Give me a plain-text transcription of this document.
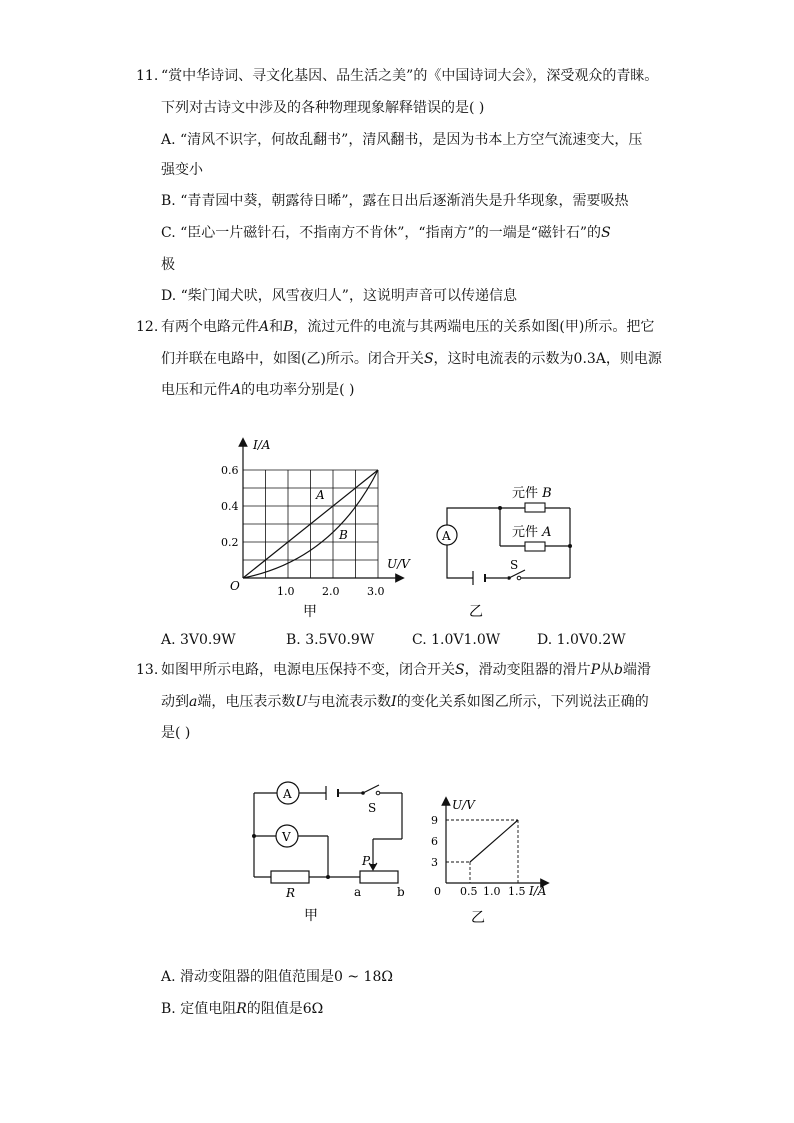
11. “赏中华诗词、寻文化基因、品生活之美”的《中国诗词大会》，深受观众的青睐。
下列对古诗文中涉及的各种物理现象解释错误的是( )
A. “清风不识字，何故乱翻书”，清风翻书，是因为书本上方空气流速变大，压
强变小
B. “青青园中葵，朝露待日晞”，露在日出后逐渐消失是升华现象，需要吸热
C. “臣心一片磁针石，不指南方不肯休”，“指南方”的一端是“磁针石”的S
极
D. “柴门闻犬吠，风雪夜归人”，这说明声音可以传递信息
12. 有两个电路元件A和B，流过元件的电流与其两端电压的关系如图(甲)所示。把它
们并联在电路中，如图(乙)所示。闭合开关S，这时电流表的示数为0.3A，则电源
电压和元件A的电功率分别是( )
I/A
U/V
O
0.2
0.4
0.6
1.0	2.0	3.0
A
B
甲
A
S
元件 B
元件 A
乙
A. 3V0.9W	B. 3.5V0.9W	C. 1.0V1.0W	D. 1.0V0.2W
13. 如图甲所示电路，电源电压保持不变，闭合开关S，滑动变阻器的滑片P从b端滑
动到a端，电压表示数U与电流表示数I的变化关系如图乙所示，下列说法正确的
是( )
A
S
V
R
P
a	b
甲
U/V
I/A
0
3
6
9
0.5 1.0 1.5
乙
A. 滑动变阻器的阻值范围是0 ~ 18Ω
B. 定值电阻R的阻值是6Ω
